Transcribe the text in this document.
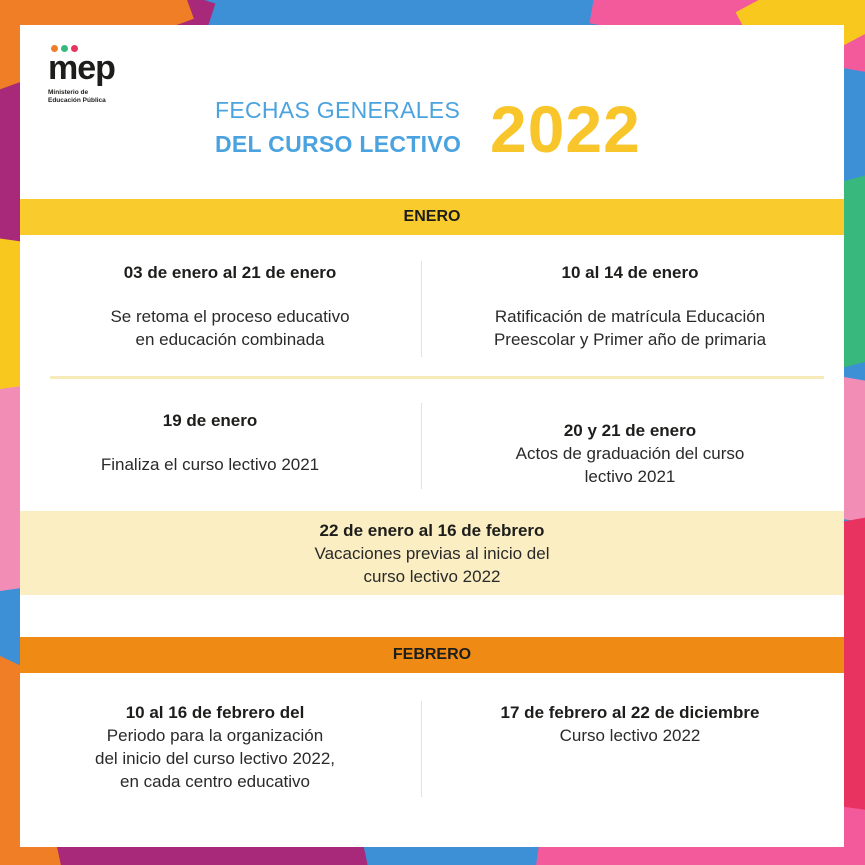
mep
Ministerio de
Educación Pública	FECHAS GENERALES
DEL CURSO LECTIVO 2022
ENERO
03 de enero al 21 de enero
Se retoma el proceso educativo
en educación combinada
10 al 14 de enero
Ratificación de matrícula Educación
Preescolar y Primer año de primaria
19 de enero
Finaliza el curso lectivo 2021
20 y 21 de enero
Actos de graduación del curso
lectivo 2021
22 de enero al 16 de febrero
Vacaciones previas al inicio del
curso lectivo 2022
FEBRERO
10 al 16 de febrero del
Periodo para la organización
del inicio del curso lectivo 2022,
en cada centro educativo
17 de febrero al 22 de diciembre
Curso lectivo 2022
